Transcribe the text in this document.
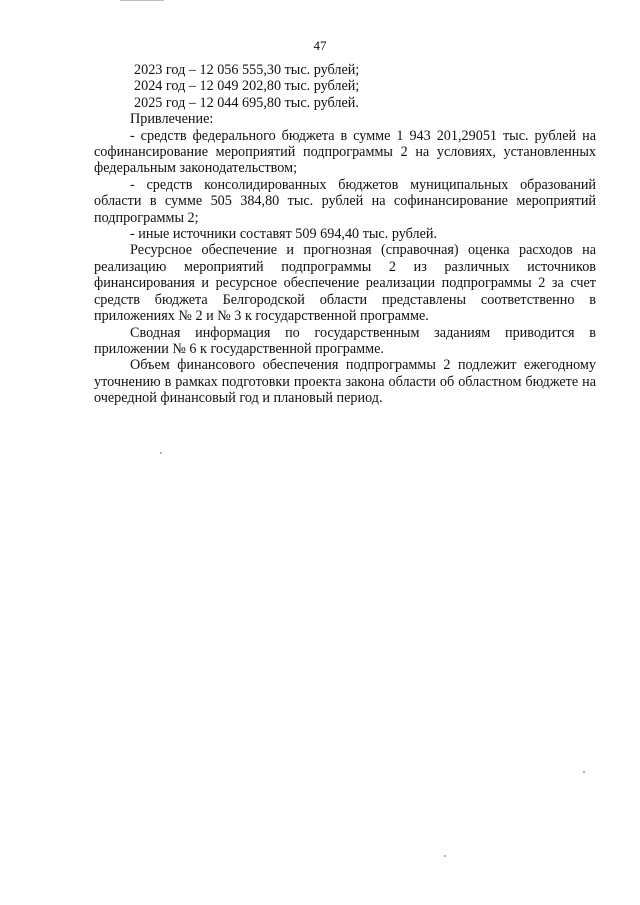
47

2023 год – 12 056 555,30 тыс. рублей;

2024 год – 12 049 202,80 тыс. рублей;

2025 год – 12 044 695,80 тыс. рублей.

Привлечение:

- средств федерального бюджета в сумме 1 943 201,29051 тыс. рублей на софинансирование мероприятий подпрограммы 2 на условиях, установленных федеральным законодательством;

- средств консолидированных бюджетов муниципальных образований области в сумме 505 384,80 тыс. рублей на софинансирование мероприятий подпрограммы 2;

- иные источники составят 509 694,40 тыс. рублей.

Ресурсное обеспечение и прогнозная (справочная) оценка расходов на реализацию мероприятий подпрограммы 2 из различных источников финансирования и ресурсное обеспечение реализации подпрограммы 2 за счет средств бюджета Белгородской области представлены соответственно в приложениях № 2 и № 3 к государственной программе.

Сводная информация по государственным заданиям приводится в приложении № 6 к государственной программе.

Объем финансового обеспечения подпрограммы 2 подлежит ежегодному уточнению в рамках подготовки проекта закона области об областном бюджете на очередной финансовый год и плановый период.
